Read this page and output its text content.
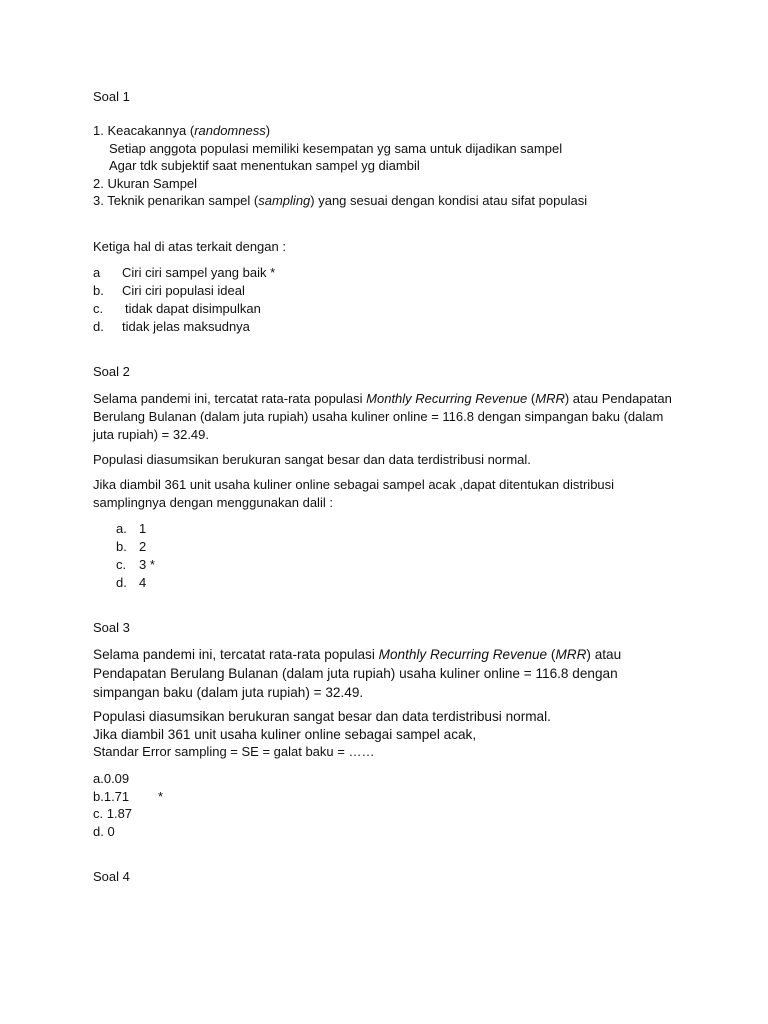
Soal 1
1. Keacakannya (randomness)
Setiap anggota populasi memiliki kesempatan yg sama untuk dijadikan sampel
Agar tdk subjektif saat menentukan sampel yg diambil
2. Ukuran Sampel
3. Teknik penarikan sampel (sampling) yang sesuai dengan kondisi atau sifat populasi
Ketiga hal di atas terkait dengan :
a Ciri ciri sampel yang baik *
b. Ciri ciri populasi ideal
c. tidak dapat disimpulkan
d. tidak jelas maksudnya
Soal 2
Selama pandemi ini, tercatat rata-rata populasi Monthly Recurring Revenue (MRR) atau Pendapatan
Berulang Bulanan (dalam juta rupiah) usaha kuliner online = 116.8 dengan simpangan baku (dalam
juta rupiah) = 32.49.
Populasi diasumsikan berukuran sangat besar dan data terdistribusi normal.
Jika diambil 361 unit usaha kuliner online sebagai sampel acak ,dapat ditentukan distribusi
samplingnya dengan menggunakan dalil :
a. 1
b. 2
c. 3 *
d. 4
Soal 3
Selama pandemi ini, tercatat rata-rata populasi Monthly Recurring Revenue (MRR) atau
Pendapatan Berulang Bulanan (dalam juta rupiah) usaha kuliner online = 116.8 dengan
simpangan baku (dalam juta rupiah) = 32.49.
Populasi diasumsikan berukuran sangat besar dan data terdistribusi normal.
Jika diambil 361 unit usaha kuliner online sebagai sampel acak,
Standar Error sampling = SE = galat baku = ……
a.0.09
b.1.71        *
c. 1.87
d. 0
Soal 4
